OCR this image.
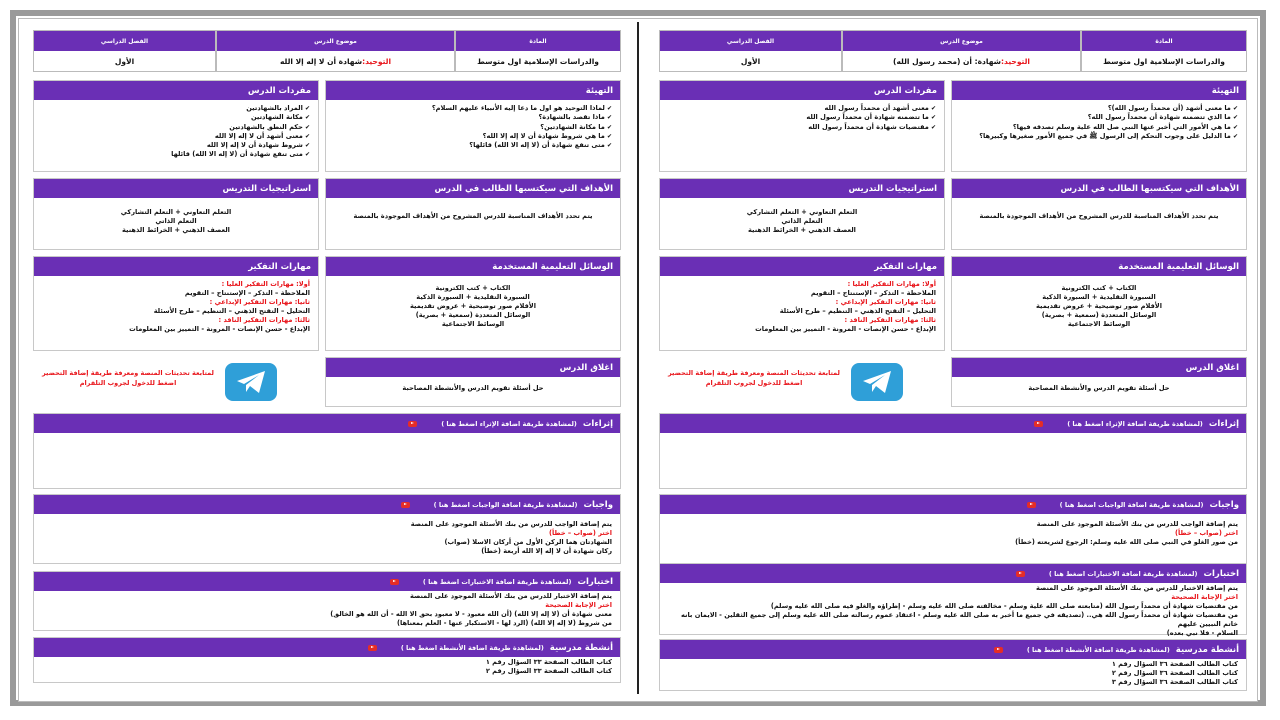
المادة
والدراسات الإسلامية اول متوسط
موضوع الدرس
التوحيد:
شهادة: أن (محمد رسول الله)
الفصل الدراسي
الأول
التهيئة
✔ ما معنى أشهد (أن محمداً رسول الله)؟
✔ ما الذي تتضمنه شهادة أن محمداً رسول الله؟
✔ ما هي الأمور التي أخبر عنها النبي صل الله علية وسلم تصدقه فيها؟
✔ ما الدليل على وجوب التحكم إلى الرسول ﷺ في جميع الأمور صغيرها وكبيرها؟
مفردات الدرس
✔ معنى أشهد أن محمداً رسول الله
✔ ما تتضمنه شهادة أن محمداً رسول الله
✔ مقتضيات شهادة أن محمداً رسول الله
الأهداف التي سيكتسبها الطالب في الدرس
يتم تحدد الأهداف المناسبة للدرس المشروح من الأهداف الموجودة بالمنصة
استراتيجيات التدريس
التعلم التعاوني + التعلم التشاركي
التعلم الذاتي
العصف الذهني + الخرائط الذهنية
الوسائل التعليمية المستخدمة
الكتاب + كتب الكترونية
السبورة التقليدية + السبورة الذكية
الأقلام صور توضيحية + عروض تقديمية
الوسائل المتعددة (سمعية + بصرية)
الوسائط الاجتماعية
مهارات التفكير
أولا: مهارات التفكير العليا :
الملاحظة – التذكر – الإستنتاج – التقويم
ثانيا: مهارات التفكير الإبداعي :
التحليل – التفتح الذهني – التنظيم – طرح الأسئلة
ثالثا: مهارات التفكير الناقد :
الإبداع - حسن الإنصات - المرونة - التمييز بين المعلومات
اغلاق الدرس
حل أسئلة تقويم الدرس والأنشطة المصاحبة
لمتابعة تحديثات المنصة ومعرفة طريقة إضافة التحضير
اضغط للدخول لجروب التلقرام
إثراءات
(لمشاهدة طريقة اضافة الإثراء اضغط هنا )
واجبات
(لمشاهدة طريقة اضافة الواجبات اضغط هنا )
يتم إضافة الواجب للدرس من بنك الأسئلة الموجود على المنصة
اختر (صواب – خطأ)
من صور الغلو في النبي صلى الله عليه وسلم: الرجوع لشريعته (خطأ)
اختبارات
(لمشاهدة طريقة اضافة الاختبارات اضغط هنا )
يتم إضافة الاختبار للدرس من بنك الأسئلة الموجود على المنصة
اختر الإجابة الصحيحة
من مقتضيات شهادة أن محمداً رسول الله (متابعته صلى الله علية وسلم - مخالفته صلى الله عليه وسلم - إطراؤه والغلو فيه صلى الله عليه وسلم)
من مقتضيات شهادة أن محمداً رسول الله هي.. (تصديقه في جميع ما أخبر به صلى الله عليه وسلم - اعتقاد عموم رسالته صلى الله عليه وسلم إلى جميع الثقلين - الايمان بانه خاتم النبيين عليهم
السلام - فلا نبي بعده)
أنشطة مدرسية
(لمشاهدة طريقة اضافة الأنشطة اضغط هنا )
كتاب الطالب الصفحة ٣٦ السؤال رقم ١
كتاب الطالب الصفحة ٣٦ السؤال رقم ٢
كتاب الطالب الصفحة ٣٦ السؤال رقم ٣
المادة
والدراسات الإسلامية اول متوسط
موضوع الدرس
التوحيد:
شهادة أن لا إله إلا الله
الفصل الدراسي
الأول
التهيئة
✔ لماذا التوحيد هو اول ما دعا إليه الأنبياء عليهم السلام؟
✔ ماذا تقصد بالشهادة؟
✔ ما مكانة الشهادتين؟
✔ ما هي شروط شهادة أن لا إله إلا الله؟
✔ متى تنفع شهادة أن (لا إله الا الله) قائلها؟
مفردات الدرس
✔ المراد بالشهادتين
✔ مكانة الشهادتين
✔ حكم النطق بالشهادتين
✔ معنى أشهد أن لا إله إلا الله
✔ شروط شهادة أن لا إله إلا الله
✔ متى تنفع شهادة أن (لا إله الا الله) قائلها
الأهداف التي سيكتسبها الطالب في الدرس
يتم تحدد الأهداف المناسبة للدرس المشروح من الأهداف الموجودة بالمنصة
استراتيجيات التدريس
التعلم التعاوني + التعلم التشاركي
التعلم الذاتي
العصف الذهني + الخرائط الذهنية
الوسائل التعليمية المستخدمة
الكتاب + كتب الكترونية
السبورة التقليدية + السبورة الذكية
الأقلام صور توضيحية + عروض تقديمية
الوسائل المتعددة (سمعية + بصرية)
الوسائط الاجتماعية
مهارات التفكير
أولا: مهارات التفكير العليا :
الملاحظة – التذكر – الإستنتاج – التقويم
ثانيا: مهارات التفكير الإبداعي :
التحليل – التفتح الذهني – التنظيم – طرح الأسئلة
ثالثا: مهارات التفكير الناقد :
الإبداع - حسن الإنصات - المرونة - التمييز بين المعلومات
اغلاق الدرس
حل أسئلة تقويم الدرس والأنشطة المصاحبة
لمتابعة تحديثات المنصة ومعرفة طريقة إضافة التحضير
اضغط للدخول لجروب التلقرام
إثراءات
(لمشاهدة طريقة اضافة الإثراء اضغط هنا )
واجبات
(لمشاهدة طريقة اضافة الواجبات اضغط هنا )
يتم إضافة الواجب للدرس من بنك الأسئلة الموجود على المنصة
اختر (صواب – خطأ)
الشهادتان هما الركن الأول من أركان الاسلا (صواب)
ركان شهادة أن لا إله إلا الله أربعة (خطأ)
اختبارات
(لمشاهدة طريقة اضافة الاختبارات اضغط هنا )
يتم إضافة الاختبار للدرس من بنك الأسئلة الموجود على المنصة
اختر الإجابة الصحيحة
معنى شهادة أن (لا إله إلا الله) (أن الله معبود - لا معبود بحق الا الله - أن الله هو الخالق)
من شروط (لا إله إلا الله) (الرد لها - الاستكبار عنها - العلم بمعناها)
أنشطة مدرسية
(لمشاهدة طريقة اضافة الأنشطة اضغط هنا )
كتاب الطالب الصفحة ٣٣ السؤال رقم ١
كتاب الطالب الصفحة ٣٣ السؤال رقم ٢
